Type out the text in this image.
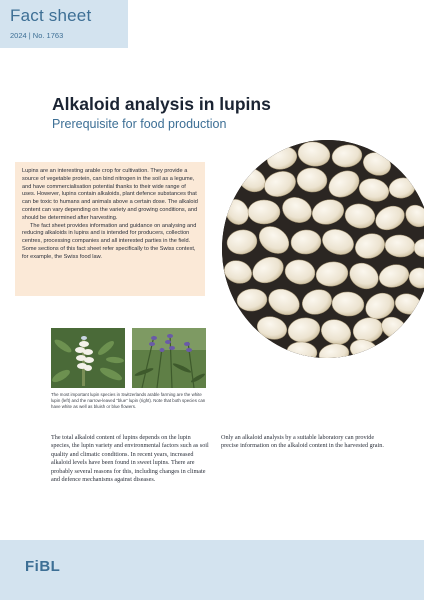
Fact sheet
2024 | No. 1763
Alkaloid analysis in lupins
Prerequisite for food production

Lupins are an interesting arable crop for cultivation. They provide a source of vegetable protein, can bind nitrogen in the soil as a legume, and have commercialisation potential thanks to their wide range of uses. However, lupins contain alkaloids, plant defence substances that can be toxic to humans and animals above a certain dose. The alkaloid content can vary depending on the variety and growing conditions, and should be determined after harvesting.

The fact sheet provides information and guidance on analysing and reducing alkaloids in lupins and is intended for producers, collection centres, processing companies and all interested parties in the field. Some sections of this fact sheet refer specifically to the Swiss context, for example, the Swiss food law.

The most important lupin species in Switzerlands arable farming are the white lupin (left) and the narrow-leaved “blue” lupin (right). Note that both species can have white as well as bluish or blue flowers.
The total alkaloid content of lupins depends on the lupin species, the lupin variety and environmental factors such as soil quality and climatic conditions. In recent years, increased alkaloid levels have been found in sweet lupins. There are probably several reasons for this, including changes in climate and defence mechanisms against diseases.
Only an alkaloid analysis by a suitable laboratory can provide precise information on the alkaloid content in the harvested grain.
FiBL
